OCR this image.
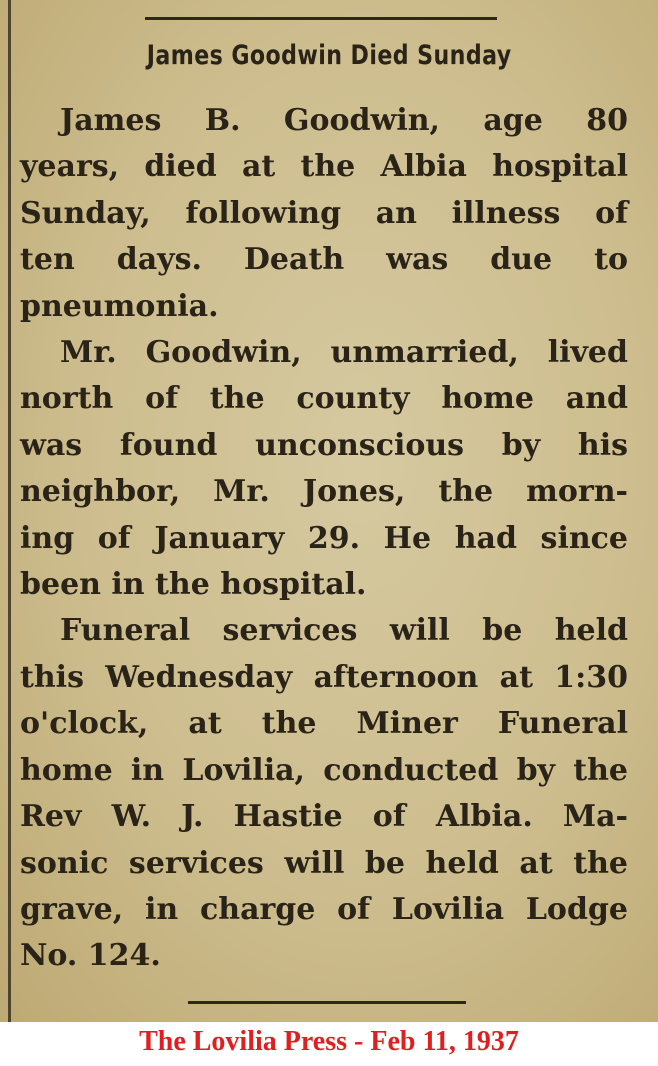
James Goodwin Died Sunday
James B. Goodwin, age 80
years, died at the Albia hospital
Sunday, following an illness of
ten days. Death was due to
pneumonia.
Mr. Goodwin, unmarried, lived
north of the county home and
was found unconscious by his
neighbor, Mr. Jones, the morn-
ing of January 29. He had since
been in the hospital.
Funeral services will be held
this Wednesday afternoon at 1:30
o'clock, at the Miner Funeral
home in Lovilia, conducted by the
Rev W. J. Hastie of Albia. Ma-
sonic services will be held at the
grave, in charge of Lovilia Lodge
No. 124.
The Lovilia Press - Feb 11, 1937
